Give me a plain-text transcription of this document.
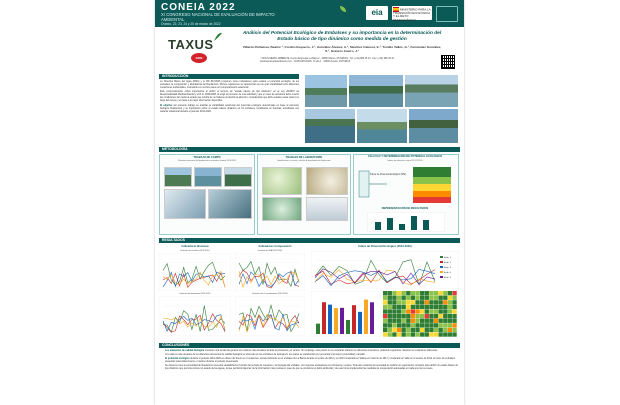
CONEIA 2022
XI CONGRESO NACIONAL DE EVALUACIÓN DE IMPACTO AMBIENTAL
Oviedo, 22, 23, 24 y 25 de marzo de 2022
eia	MINISTERIO PARA LA TRANSICIÓN ECOLÓGICA Y EL RETO DEMOGRÁFICO
TAXUS
GOB
Análisis del Potencial Ecológico de Embalses y su importancia en la determinación del Estado básico de tipo dinámico como medida de gestión
Villazón Peñalosa, Beatriz ¹, Cordón Esquerro, J.¹, González Álvarez, A.¹, Sánchez Cabrera, E.¹, Tomillo Vallés, G.¹, Fernández González, S.¹, Granero Castro, J.¹
¹ TAXUS MEDIO AMBIENTE. Centro Empresas La Baya 2 · 33600 Mieres, ASTURIAS · Tel: (+34) 985 45 10 · Fax: (+34) 985 45 10 · www.taxusmedioambiente.com · ²GOB ASTURIAS. C/ Lila 1 · 33006 Oviedo, ASTURIAS
INTRODUCCIÓN

La Directiva Marco del Agua (DMA) y el RD 817/2015 proponen como indicadores para evaluar el potencial ecológico de los embalses, la composición y abundancia del fitoplancton. Dichos organismos se caracterizan por su gran variabilidad entre diferentes condiciones ambientales, mostrando en muchos casos un comportamiento estacional.

Este comportamiento cobra importancia al definir el término de "estado básico de tipo dinámico" en la Ley 26/2007 de Responsabilidad Medioambiental y el R.D. 2090/2008, al exigir al promotor de una actividad y que en caso de accidente debe revertir las condiciones del medio al estado que tendría de no haberse producido la afección, considerando que dicho estado puede variar a lo largo del tiempo y en base a la mejor información disponible.

El objetivo del presente trabajo es analizar la variabilidad estacional del potencial ecológico determinado en base al elemento biológico fitoplancton y su implicación sobre el estado básico dinámico en 10 embalses, localizados en Asturias, estudiados con carácter estacional durante el período 2013-2020.

METODOLOGÍA
TRABAJO DE CAMPO
Muestreo estacional de fitoplancton en embalses durante 2013-2020
TRABAJO DE LABORATORIO
Identificación, recuento y cálculo de biovolumen de fitoplancton
CÁLCULO Y DETERMINACIÓN DE POTENCIAL ECOLÓGICO
Índices de valoración según RD 817/2015
Índice de Potencial Ecológico (IPE)
REPRESENTACIÓN DE RESULTADOS
RESULTADOS
Indicadores Biomasa
Evolución de clorofila a (2013-2020)
Evolución del biovolumen (2013-2020)
Indicadores Composición
Evolución del IGA (2013-2020)
Evolución del % cianobacterias (2013-2020)
Índice de Potencial Ecológico (2013-2020)
Emb. 1
Emb. 2
Emb. 3
Emb. 4
Emb. 5
CONCLUSIONES
• Los elementos de calidad biológica muestran una tendencia general con valores más elevados durante la primavera y el verano. Sin embargo, este patrón no es constante durante los diferentes muestreos, pudiendo registrarse máximos en estaciones diferentes.
• Los valores más elevados de los diferentes elementos de calidad biológica se observan en los embalses de tipología 9, los cuales se caracterizan por presentar una mayor profundidad y tamaño.
• El potencial ecológico durante el periodo 2013-2020 se obtuvo del bueno en 4 ocasiones, siendo deficiente en el embalse de La Barca durante el verano de 2013 y en 2014 moderado en Salime en invierno de 2017 y moderado en Valle en el verano de 2014. El resto de embalses presentan potenciales bueno o máximo durante el periodo muestreado.
• Se observa como la comunidad de fitoplancton presenta variabilidad en función del periodo de muestreo y la tipología del embalse, con mayores oscilaciones en primavera y verano. Todo ello evidencia la necesidad de realizar un seguimiento completo para definir un estado básico de tipo dinámico que permita conocer el estado de las aguas, la que permitirá disponer de la información más precisa en caso de que se produzca un daño ambiental y de este forma implementar las medidas de recuperación adecuadas en cada uno de los casos.
